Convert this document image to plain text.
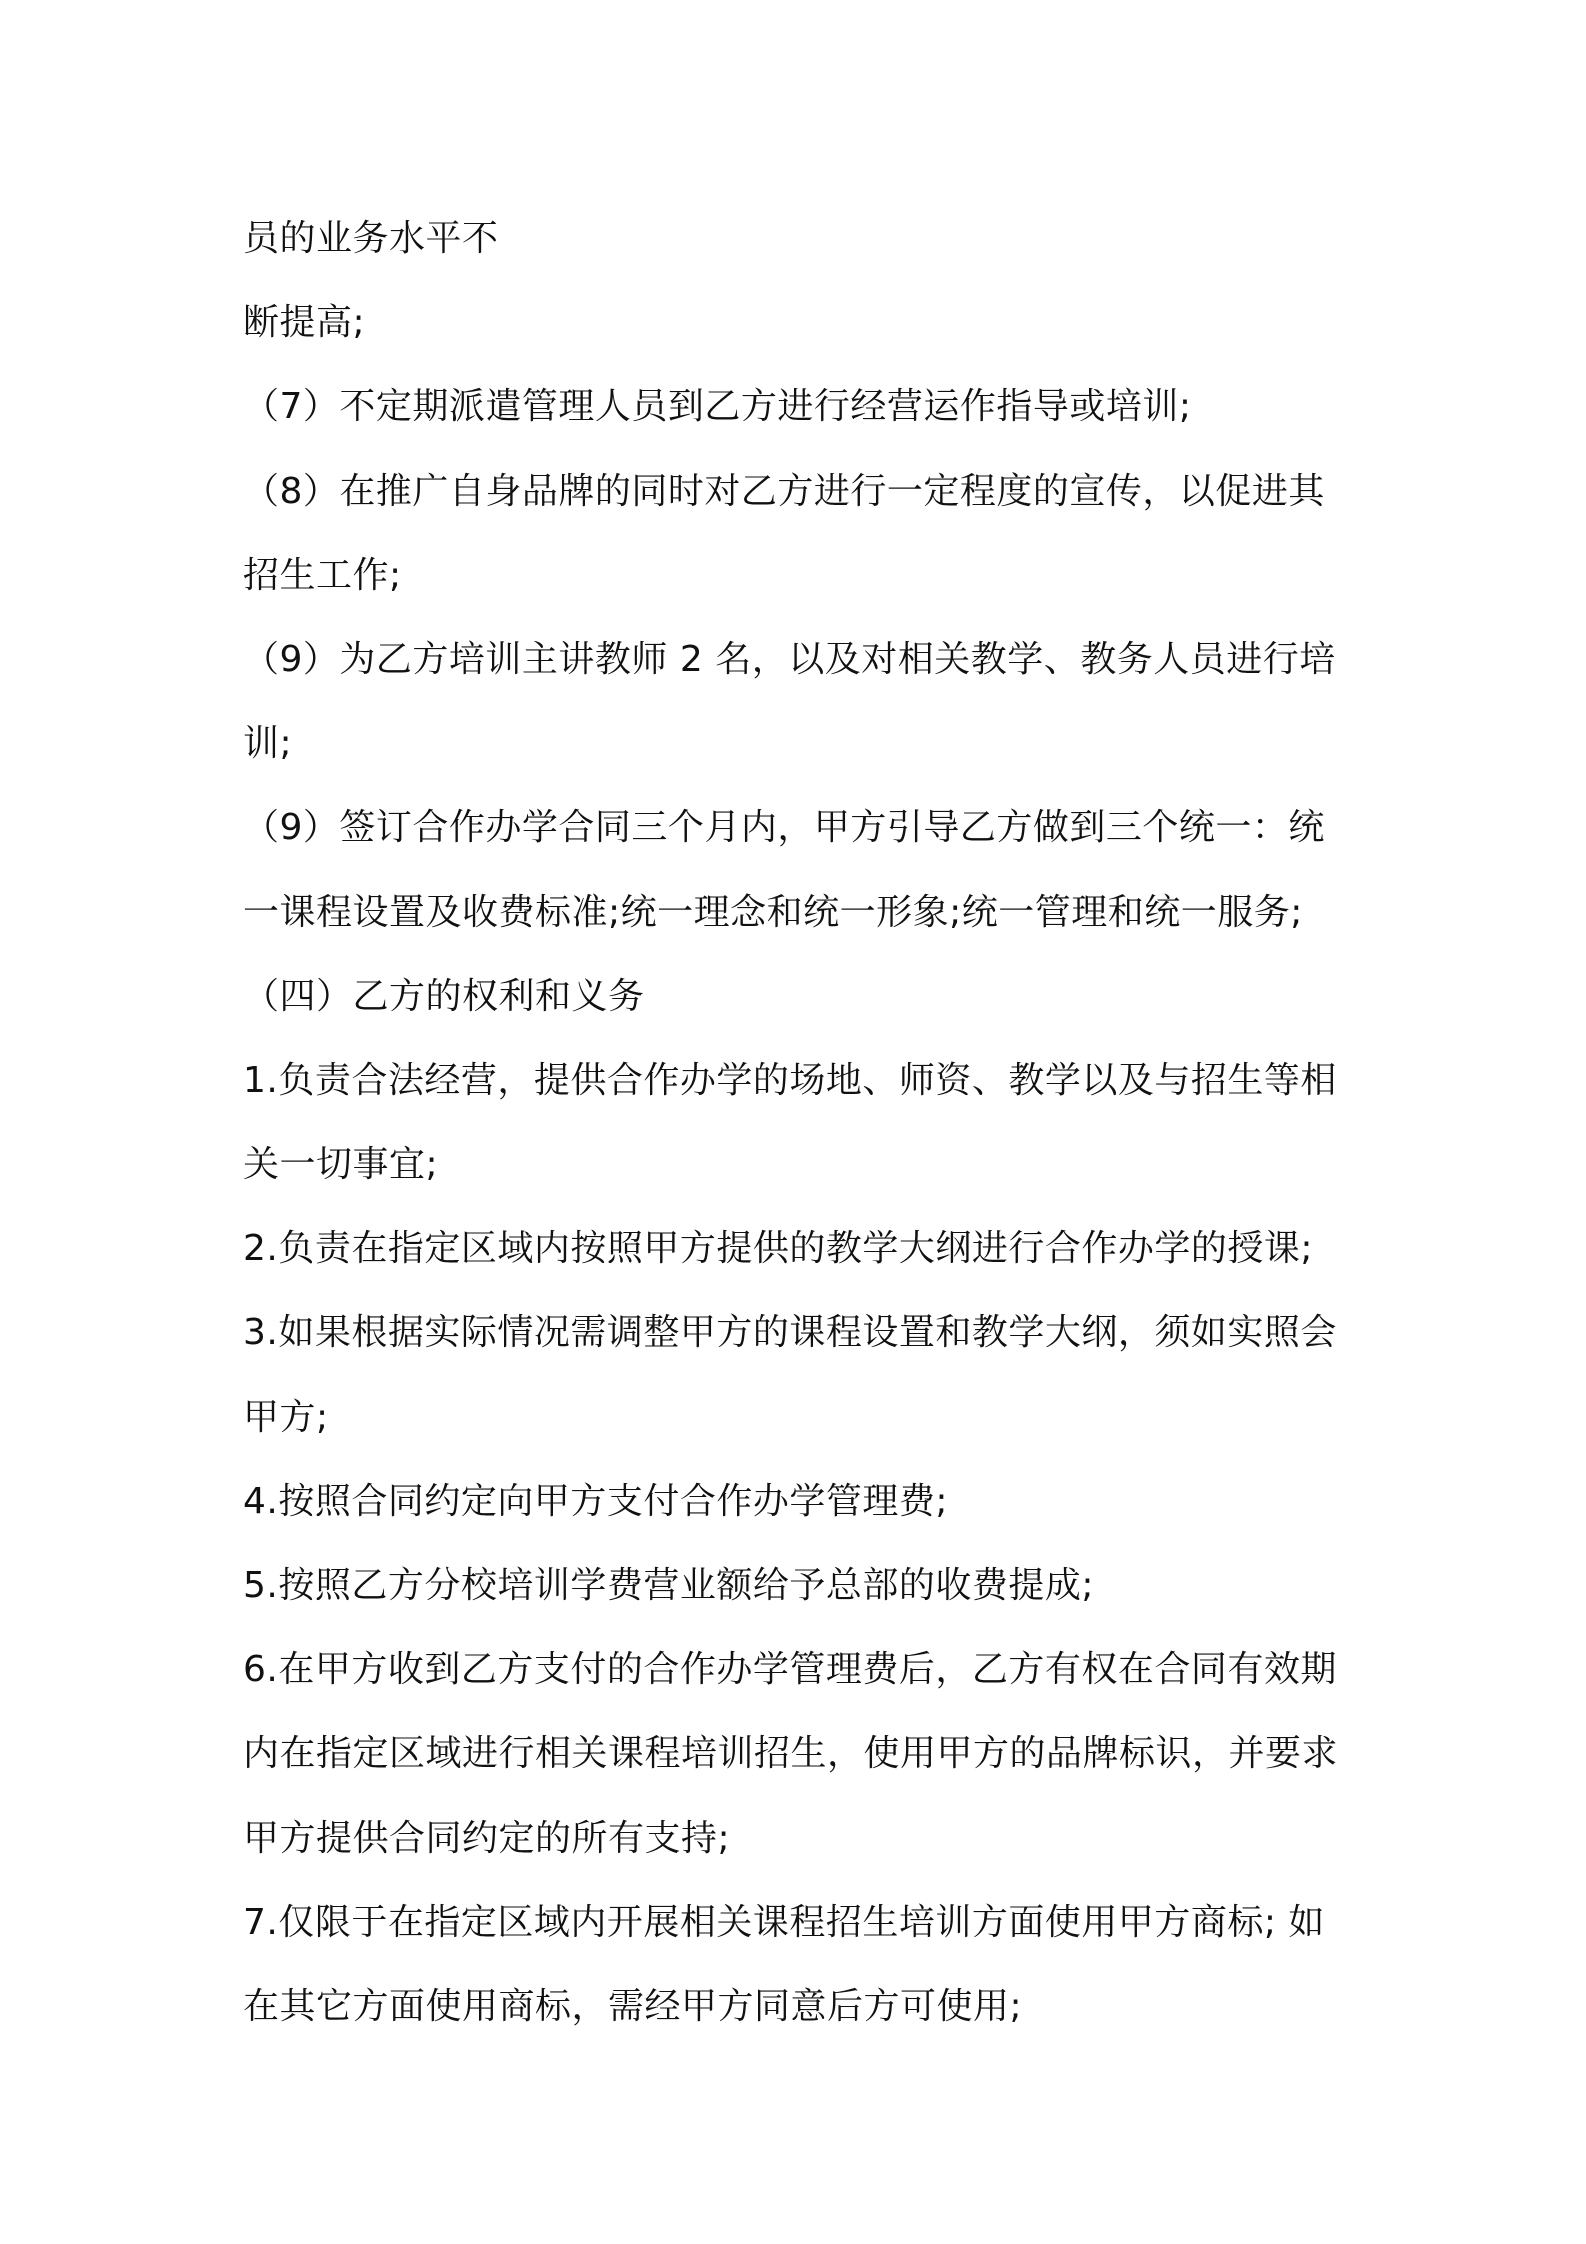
员的业务水平不
断提高;
（7）不定期派遣管理人员到乙方进行经营运作指导或培训;
（8）在推广自身品牌的同时对乙方进行一定程度的宣传，以促进其
招生工作;
（9）为乙方培训主讲教师 2 名，以及对相关教学、教务人员进行培
训;
（9）签订合作办学合同三个月内，甲方引导乙方做到三个统一：统
一课程设置及收费标准;统一理念和统一形象;统一管理和统一服务;
（四）乙方的权利和义务
1.负责合法经营，提供合作办学的场地、师资、教学以及与招生等相
关一切事宜;
2.负责在指定区域内按照甲方提供的教学大纲进行合作办学的授课;
3.如果根据实际情况需调整甲方的课程设置和教学大纲，须如实照会
甲方;
4.按照合同约定向甲方支付合作办学管理费;
5.按照乙方分校培训学费营业额给予总部的收费提成;
6.在甲方收到乙方支付的合作办学管理费后，乙方有权在合同有效期
内在指定区域进行相关课程培训招生，使用甲方的品牌标识，并要求
甲方提供合同约定的所有支持;
7.仅限于在指定区域内开展相关课程招生培训方面使用甲方商标; 如
在其它方面使用商标，需经甲方同意后方可使用;
